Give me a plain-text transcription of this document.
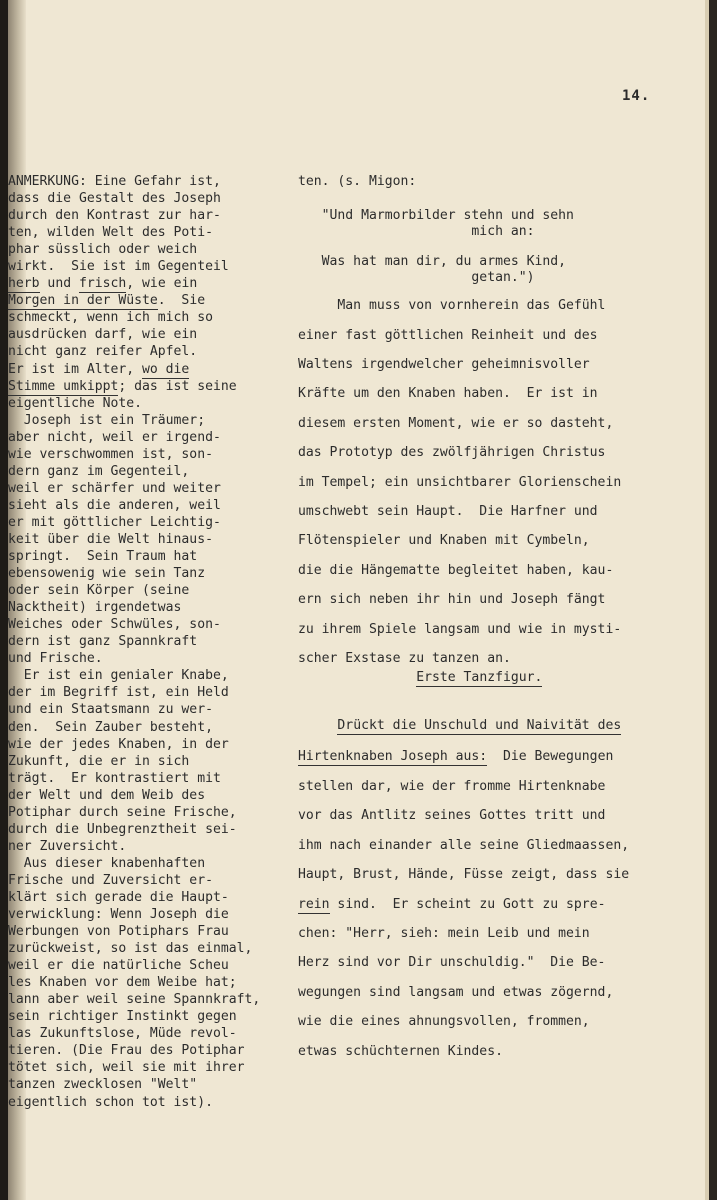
14.
ANMERKUNG: Eine Gefahr ist,
dass die Gestalt des Joseph
durch den Kontrast zur har-
ten, wilden Welt des Poti-
phar süsslich oder weich
wirkt.  Sie ist im Gegenteil
herb und frisch, wie ein
Morgen in der Wüste.  Sie
schmeckt, wenn ich mich so
ausdrücken darf, wie ein
nicht ganz reifer Apfel.
Er ist im Alter, wo die
Stimme umkippt; das ist seine
eigentliche Note.
Joseph ist ein Träumer;
aber nicht, weil er irgend-
wie verschwommen ist, son-
dern ganz im Gegenteil,
weil er schärfer und weiter
sieht als die anderen, weil
er mit göttlicher Leichtig-
keit über die Welt hinaus-
springt.  Sein Traum hat
ebensowenig wie sein Tanz
oder sein Körper (seine
Nacktheit) irgendetwas
Weiches oder Schwüles, son-
dern ist ganz Spannkraft
und Frische.
Er ist ein genialer Knabe,
der im Begriff ist, ein Held
und ein Staatsmann zu wer-
den.  Sein Zauber besteht,
wie der jedes Knaben, in der
Zukunft, die er in sich
trägt.  Er kontrastiert mit
der Welt und dem Weib des
Potiphar durch seine Frische,
durch die Unbegrenztheit sei-
ner Zuversicht.
Aus dieser knabenhaften
Frische und Zuversicht er-
klärt sich gerade die Haupt-
verwicklung: Wenn Joseph die
Werbungen von Potiphars Frau
zurückweist, so ist das einmal,
weil er die natürliche Scheu
les Knaben vor dem Weibe hat;
lann aber weil seine Spannkraft,
sein richtiger Instinkt gegen
las Zukunftslose, Müde revol-
tieren. (Die Frau des Potiphar
tötet sich, weil sie mit ihrer
tanzen zwecklosen "Welt"
eigentlich schon tot ist).
ten. (s. Migon:
"Und Marmorbilder stehn und sehn
mich an:
Was hat man dir, du armes Kind,
getan.")
Man muss von vornherein das Gefühl
einer fast göttlichen Reinheit und des
Waltens irgendwelcher geheimnisvoller
Kräfte um den Knaben haben.  Er ist in
diesem ersten Moment, wie er so dasteht,
das Prototyp des zwölfjährigen Christus
im Tempel; ein unsichtbarer Glorienschein
umschwebt sein Haupt.  Die Harfner und
Flötenspieler und Knaben mit Cymbeln,
die die Hängematte begleitet haben, kau-
ern sich neben ihr hin und Joseph fängt
zu ihrem Spiele langsam und wie in mysti-
scher Exstase zu tanzen an.
Erste Tanzfigur.
Drückt die Unschuld und Naivität des
Hirtenknaben Joseph aus:  Die Bewegungen
stellen dar, wie der fromme Hirtenknabe
vor das Antlitz seines Gottes tritt und
ihm nach einander alle seine Gliedmaassen,
Haupt, Brust, Hände, Füsse zeigt, dass sie
rein sind.  Er scheint zu Gott zu spre-
chen: "Herr, sieh: mein Leib und mein
Herz sind vor Dir unschuldig."  Die Be-
wegungen sind langsam und etwas zögernd,
wie die eines ahnungsvollen, frommen,
etwas schüchternen Kindes.
